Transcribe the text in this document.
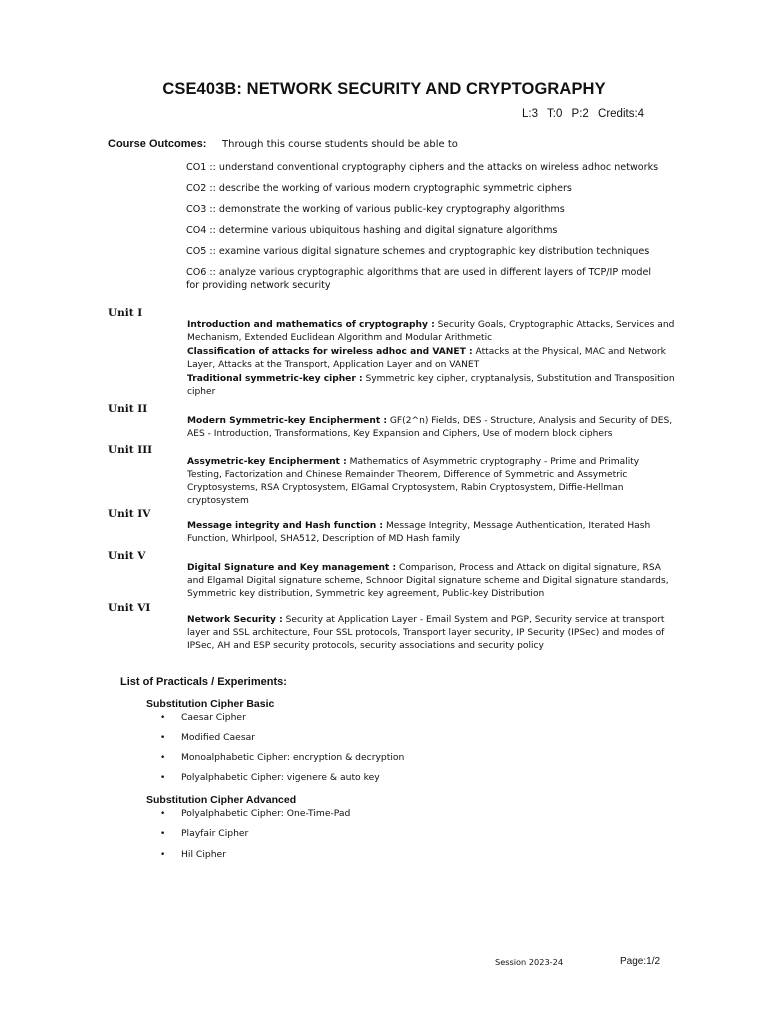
CSE403B: NETWORK SECURITY AND CRYPTOGRAPHY
L:3 T:0 P:2 Credits:4
Course Outcomes: Through this course students should be able to
CO1 :: understand conventional cryptography ciphers and the attacks on wireless adhoc networks
CO2 :: describe the working of various modern cryptographic symmetric ciphers
CO3 :: demonstrate the working of various public-key cryptography algorithms
CO4 :: determine various ubiquitous hashing and digital signature algorithms
CO5 :: examine various digital signature schemes and cryptographic key distribution techniques
CO6 :: analyze various cryptographic algorithms that are used in different layers of TCP/IP model
for providing network security
Unit I

Introduction and mathematics of cryptography : Security Goals, Cryptographic Attacks, Services and Mechanism, Extended Euclidean Algorithm and Modular Arithmetic

Classification of attacks for wireless adhoc and VANET : Attacks at the Physical, MAC and Network Layer, Attacks at the Transport, Application Layer and on VANET

Traditional symmetric-key cipher : Symmetric key cipher, cryptanalysis, Substitution and Transposition cipher

Unit II

Modern Symmetric-key Encipherment : GF(2^n) Fields, DES - Structure, Analysis and Security of DES, AES - Introduction, Transformations, Key Expansion and Ciphers, Use of modern block ciphers

Unit III

Assymetric-key Encipherment : Mathematics of Asymmetric cryptography - Prime and Primality Testing, Factorization and Chinese Remainder Theorem, Difference of Symmetric and Assymetric Cryptosystems, RSA Cryptosystem, ElGamal Cryptosystem, Rabin Cryptosystem, Diffie-Hellman cryptosystem

Unit IV

Message integrity and Hash function : Message Integrity, Message Authentication, Iterated Hash Function, Whirlpool, SHA512, Description of MD Hash family

Unit V

Digital Signature and Key management : Comparison, Process and Attack on digital signature, RSA and Elgamal Digital signature scheme, Schnoor Digital signature scheme and Digital signature standards, Symmetric key distribution, Symmetric key agreement, Public-key Distribution

Unit VI

Network Security : Security at Application Layer - Email System and PGP, Security service at transport layer and SSL architecture, Four SSL protocols, Transport layer security, IP Security (IPSec) and modes of IPSec, AH and ESP security protocols, security associations and security policy

List of Practicals / Experiments:
Substitution Cipher Basic
• Caesar Cipher
• Modified Caesar
• Monoalphabetic Cipher: encryption & decryption
• Polyalphabetic Cipher: vigenere & auto key
Substitution Cipher Advanced
• Polyalphabetic Cipher: One-Time-Pad
• Playfair Cipher
• Hil Cipher
Session 2023-24	Page:1/2
